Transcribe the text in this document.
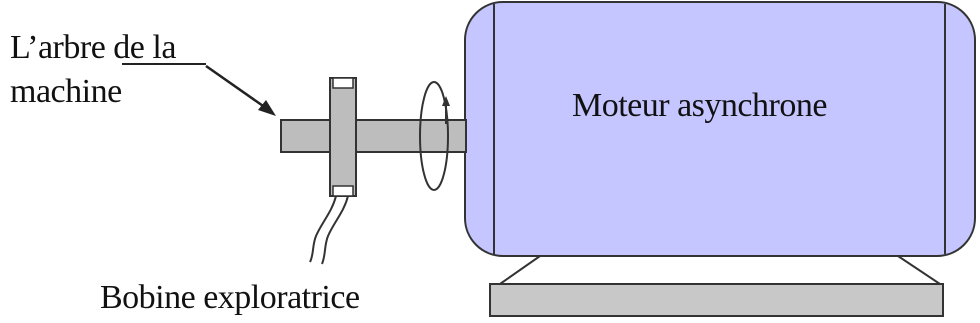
L’arbre de la
machine	Moteur asynchrone
Bobine exploratrice
